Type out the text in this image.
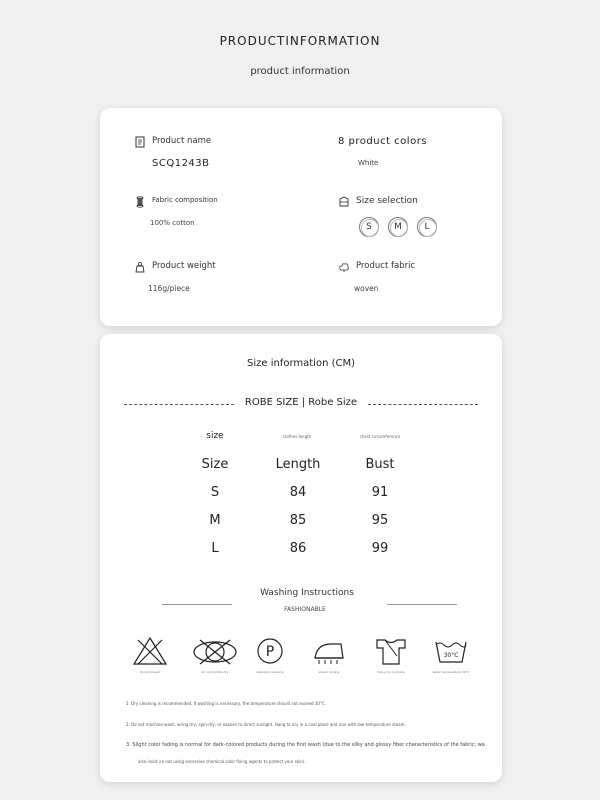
PRODUCTINFORMATION
product information
Product name
SCQ1243B
8 product colors
White
Fabric composition
100% cotton
Size selection
S	M	L
Product weight
116g/piece
Product fabric
woven
Size information (CM)
ROBE SIZE | Robe Size
size	clothes length	chest circumference
Size	Length	Bust
S	84	91
M	85	95
L	86	99
Washing Instructions
FASHIONABLE
do not bleach	do not tumble dry
P
standard cleaning	steam ironing	hang dry in shade
30°C
water temperature 30°C
1. Dry cleaning is recommended. If washing is necessary, the temperature should not exceed 30°C.
2. Do not machine wash, wring dry, spin-dry, or expose to direct sunlight. Hang to dry in a cool place and iron with low-temperature steam.
3. Slight color fading is normal for dark-colored products during the first wash (due to the silky and glossy fiber characteristics of the fabric; we
also insist on not using excessive chemical color fixing agents to protect your skin).
